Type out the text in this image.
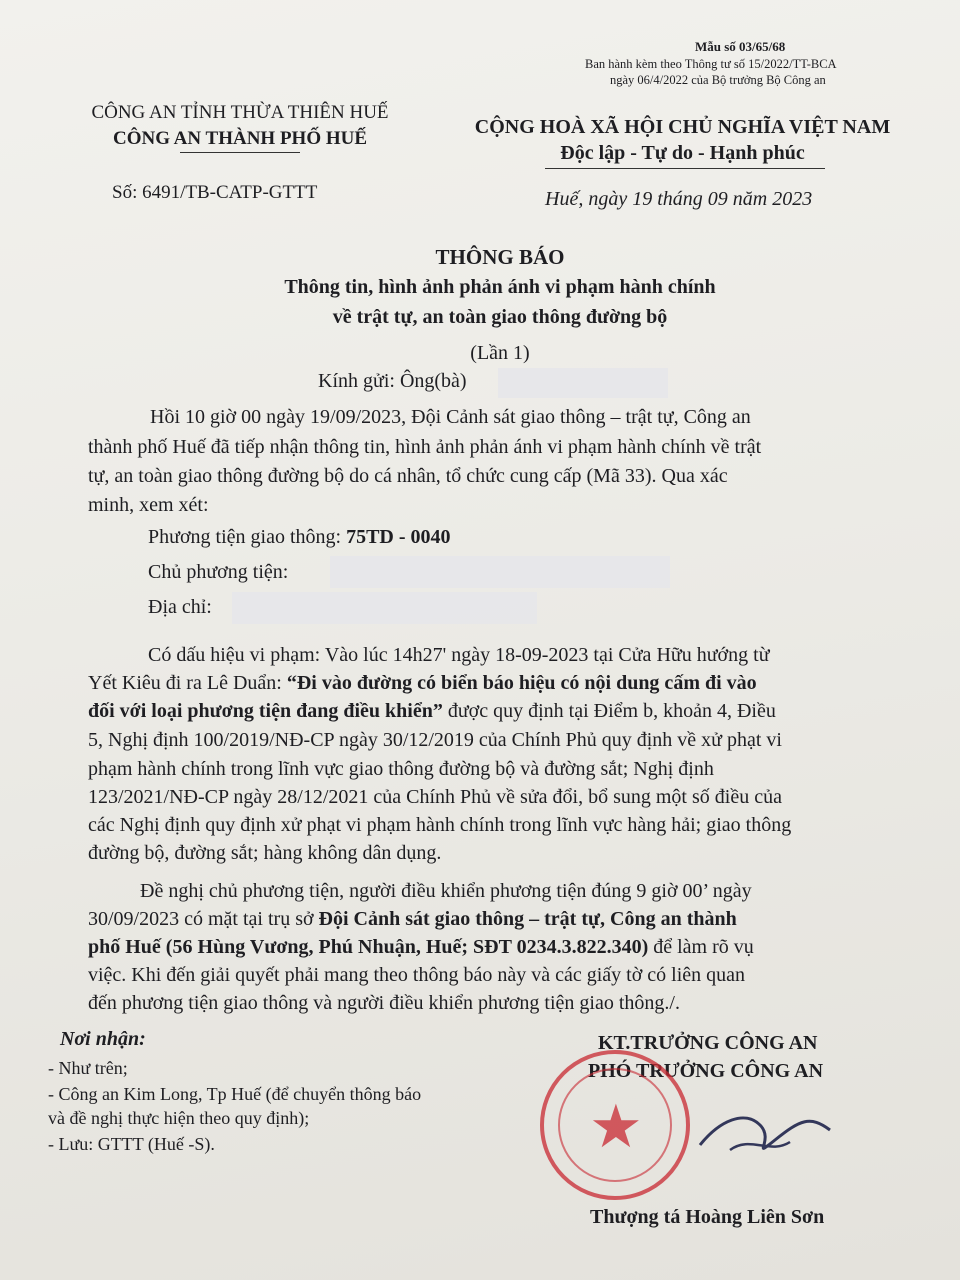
Mẫu số 03/65/68
Ban hành kèm theo Thông tư số 15/2022/TT-BCA
ngày 06/4/2022 của Bộ trưởng Bộ Công an
CÔNG AN TỈNH THỪA THIÊN HUẾ
CÔNG AN THÀNH PHỐ HUẾ
Số: 6491/TB-CATP-GTTT
CỘNG HOÀ XÃ HỘI CHỦ NGHĨA VIỆT NAM
Độc lập - Tự do - Hạnh phúc
Huế, ngày 19 tháng 09 năm 2023
THÔNG BÁO
Thông tin, hình ảnh phản ánh vi phạm hành chính
về trật tự, an toàn giao thông đường bộ
(Lần 1)
Kính gửi: Ông(bà)
Hồi 10 giờ 00 ngày 19/09/2023, Đội Cảnh sát giao thông – trật tự, Công an
thành phố Huế đã tiếp nhận thông tin, hình ảnh phản ánh vi phạm hành chính về trật
tự, an toàn giao thông đường bộ do cá nhân, tổ chức cung cấp (Mã 33). Qua xác
minh, xem xét:
Phương tiện giao thông: 75TD - 0040
Chủ phương tiện:
Địa chỉ:
Có dấu hiệu vi phạm: Vào lúc 14h27' ngày 18-09-2023 tại Cửa Hữu hướng từ
Yết Kiêu đi ra Lê Duẩn: “Đi vào đường có biển báo hiệu có nội dung cấm đi vào
đối với loại phương tiện đang điều khiển” được quy định tại Điểm b, khoản 4, Điều
5, Nghị định 100/2019/NĐ-CP ngày 30/12/2019 của Chính Phủ quy định về xử phạt vi
phạm hành chính trong lĩnh vực giao thông đường bộ và đường sắt; Nghị định
123/2021/NĐ-CP ngày 28/12/2021 của Chính Phủ về sửa đổi, bổ sung một số điều của
các Nghị định quy định xử phạt vi phạm hành chính trong lĩnh vực hàng hải; giao thông
đường bộ, đường sắt; hàng không dân dụng.
Đề nghị chủ phương tiện, người điều khiển phương tiện đúng 9 giờ 00’ ngày
30/09/2023 có mặt tại trụ sở Đội Cảnh sát giao thông – trật tự, Công an thành
phố Huế (56 Hùng Vương, Phú Nhuận, Huế; SĐT 0234.3.822.340) để làm rõ vụ
việc. Khi đến giải quyết phải mang theo thông báo này và các giấy tờ có liên quan
đến phương tiện giao thông và người điều khiển phương tiện giao thông./.
Nơi nhận:
- Như trên;
- Công an Kim Long, Tp Huế (để chuyển thông báo
và đề nghị thực hiện theo quy định);
- Lưu: GTTT (Huế -S).
KT.TRƯỞNG CÔNG AN
PHÓ TRƯỞNG CÔNG AN
★
Thượng tá Hoàng Liên Sơn
